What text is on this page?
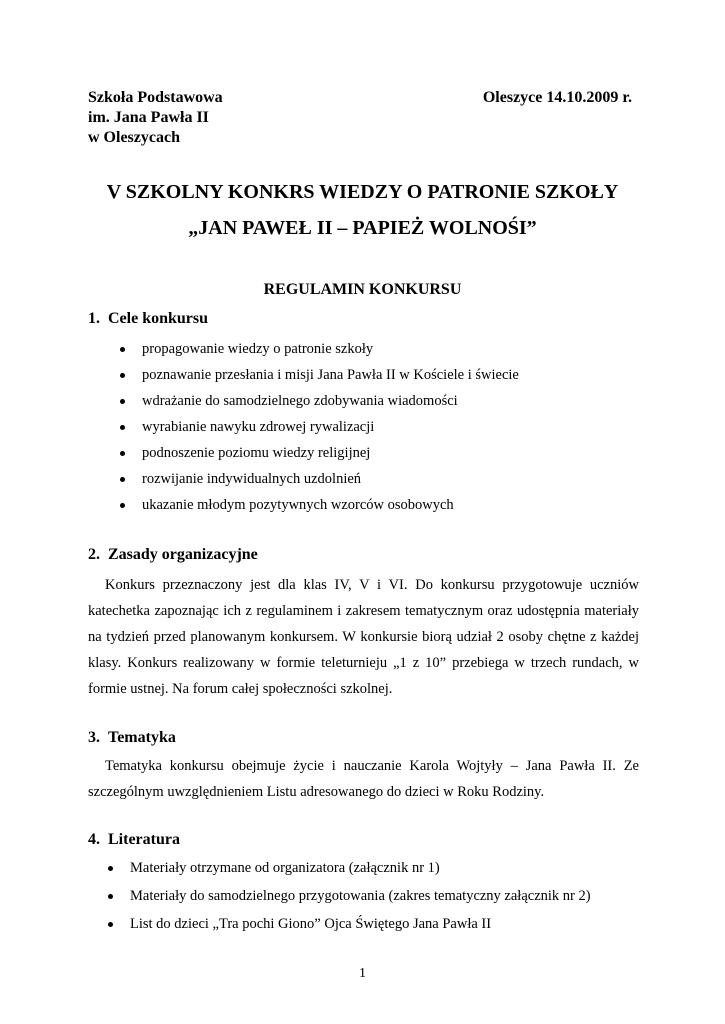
Szkoła Podstawowa
im. Jana Pawła II
w Oleszycach
Oleszyce 14.10.2009 r.
V SZKOLNY KONKRS WIEDZY O PATRONIE SZKOŁY
„JAN PAWEŁ II – PAPIEŻ WOLNOŚI”
REGULAMIN KONKURSU
1. Cele konkursu
propagowanie wiedzy o patronie szkoły
poznawanie przesłania i misji Jana Pawła II w Kościele i świecie
wdrażanie do samodzielnego zdobywania wiadomości
wyrabianie nawyku zdrowej rywalizacji
podnoszenie poziomu wiedzy religijnej
rozwijanie indywidualnych uzdolnień
ukazanie młodym pozytywnych wzorców osobowych
2. Zasady organizacyjne

Konkurs przeznaczony jest dla klas IV, V i VI. Do konkursu przygotowuje uczniów katechetka zapoznając ich z regulaminem i zakresem tematycznym oraz udostępnia materiały na tydzień przed planowanym konkursem. W konkursie biorą udział 2 osoby chętne z każdej klasy. Konkurs realizowany w formie teleturnieju „1 z 10” przebiega w trzech rundach, w formie ustnej. Na forum całej społeczności szkolnej.

3. Tematyka

Tematyka konkursu obejmuje życie i nauczanie Karola Wojtyły – Jana Pawła II. Ze szczególnym uwzględnieniem Listu adresowanego do dzieci w Roku Rodziny.

4. Literatura
Materiały otrzymane od organizatora (załącznik nr 1)
Materiały do samodzielnego przygotowania (zakres tematyczny załącznik nr 2)
List do dzieci „Tra pochi Giono” Ojca Świętego Jana Pawła II
1
